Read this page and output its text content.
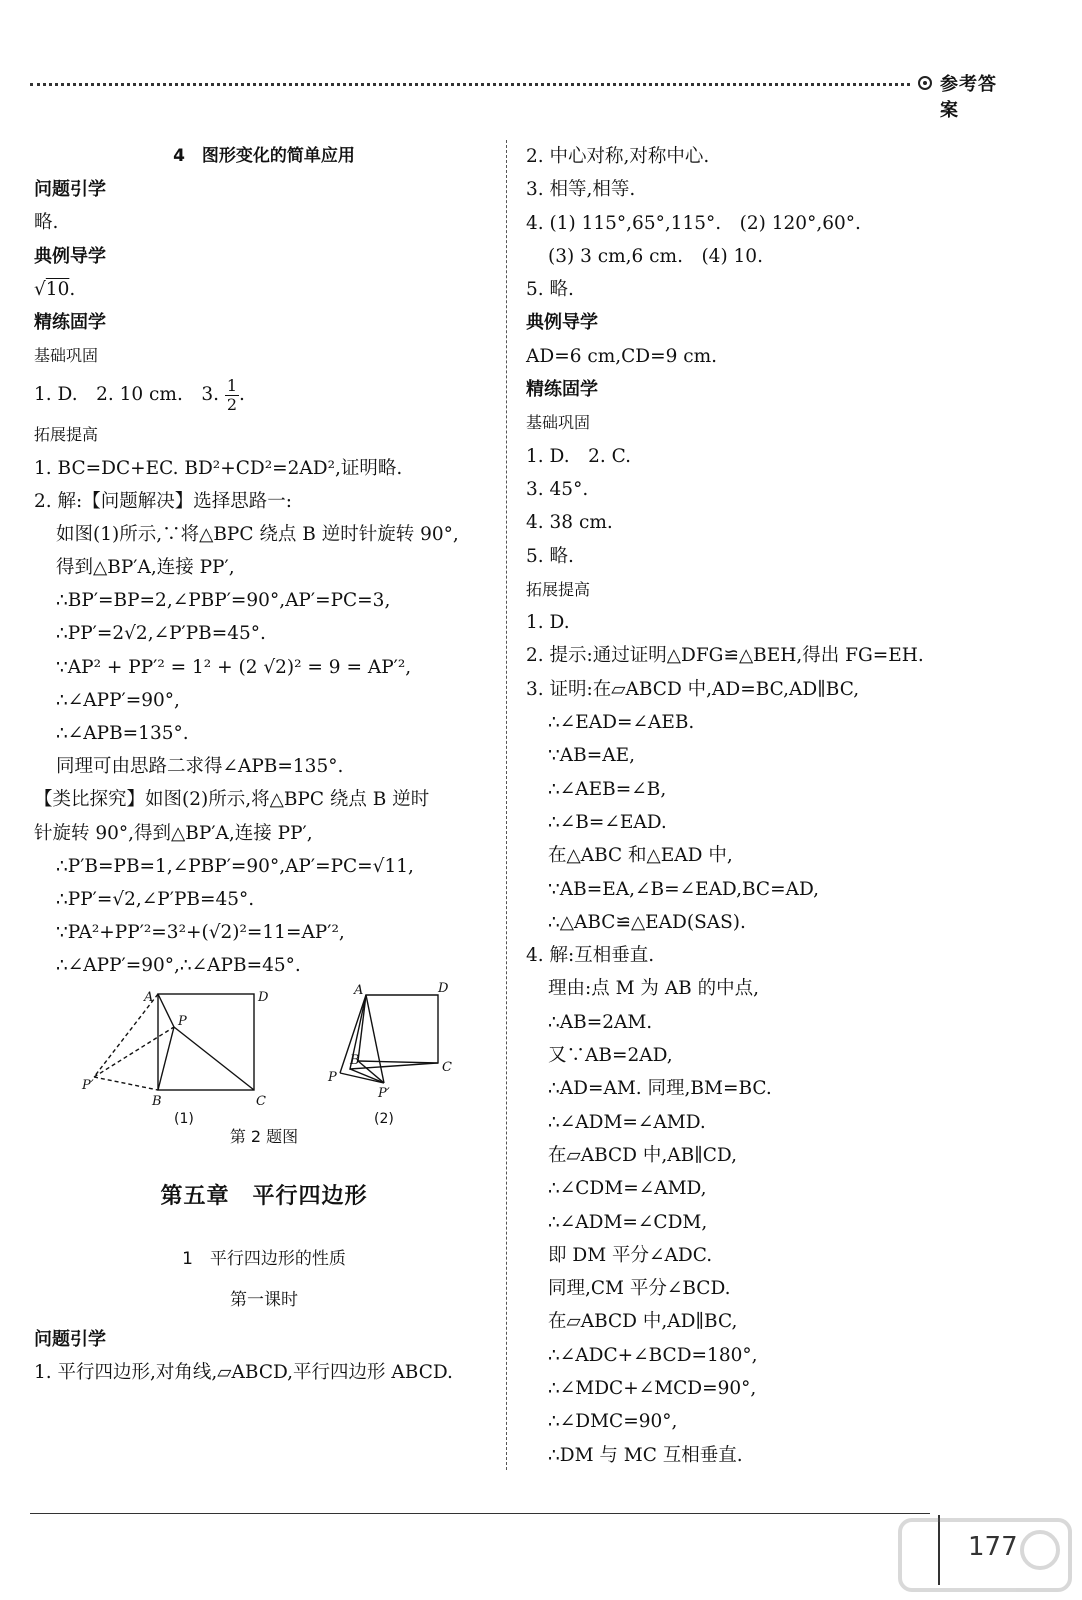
参考答案
4　图形变化的简单应用
问题引学
略.
典例导学
√10.
精练固学
基础巩固
1. D.　2. 10 cm.　3. $\frac{1}{2}$ .
拓展提高
1. BC=DC+EC. BD²+CD²=2AD²,证明略.
2. 解:【问题解决】选择思路一:
如图(1)所示,∵将△BPC 绕点 B 逆时针旋转 90°,
得到△BP′A,连接 PP′,
∴BP′=BP=2,∠PBP′=90°,AP′=PC=3,
∴PP′=2√2,∠P′PB=45°.
∵AP² + PP′² = 1² + (2 √2)² = 9 = AP′²,
∴∠APP′=90°,
∴∠APB=135°.
同理可由思路二求得∠APB=135°.
【类比探究】如图(2)所示,将△BPC 绕点 B 逆时
针旋转 90°,得到△BP′A,连接 PP′,
∴P′B=PB=1,∠PBP′=90°,AP′=PC=√11,
∴PP′=√2,∠P′PB=45°.
∵PA²+PP′²=3²+(√2)²=11=AP′²,
∴∠APP′=90°,∴∠APB=45°.
A	D
P
B	C
P′
(1)
A	D
B	C
P
P′
(2)
第 2 题图
第五章　平行四边形
1　平行四边形的性质
第一课时
问题引学
1. 平行四边形,对角线,▱ABCD,平行四边形 ABCD.
2. 中心对称,对称中心.
3. 相等,相等.
4. (1) 115°,65°,115°.　(2) 120°,60°.
(3) 3 cm,6 cm.　(4) 10.
5. 略.
典例导学
AD=6 cm,CD=9 cm.
精练固学
基础巩固
1. D.　2. C.
3. 45°.
4. 38 cm.
5. 略.
拓展提高
1. D.
2. 提示:通过证明△DFG≌△BEH,得出 FG=EH.
3. 证明:在▱ABCD 中,AD=BC,AD∥BC,
∴∠EAD=∠AEB.
∵AB=AE,
∴∠AEB=∠B,
∴∠B=∠EAD.
在△ABC 和△EAD 中,
∵AB=EA,∠B=∠EAD,BC=AD,
∴△ABC≌△EAD(SAS).
4. 解:互相垂直.
理由:点 M 为 AB 的中点,
∴AB=2AM.
又∵AB=2AD,
∴AD=AM. 同理,BM=BC.
∴∠ADM=∠AMD.
在▱ABCD 中,AB∥CD,
∴∠CDM=∠AMD,
∴∠ADM=∠CDM,
即 DM 平分∠ADC.
同理,CM 平分∠BCD.
在▱ABCD 中,AD∥BC,
∴∠ADC+∠BCD=180°,
∴∠MDC+∠MCD=90°,
∴∠DMC=90°,
∴DM 与 MC 互相垂直.
177
